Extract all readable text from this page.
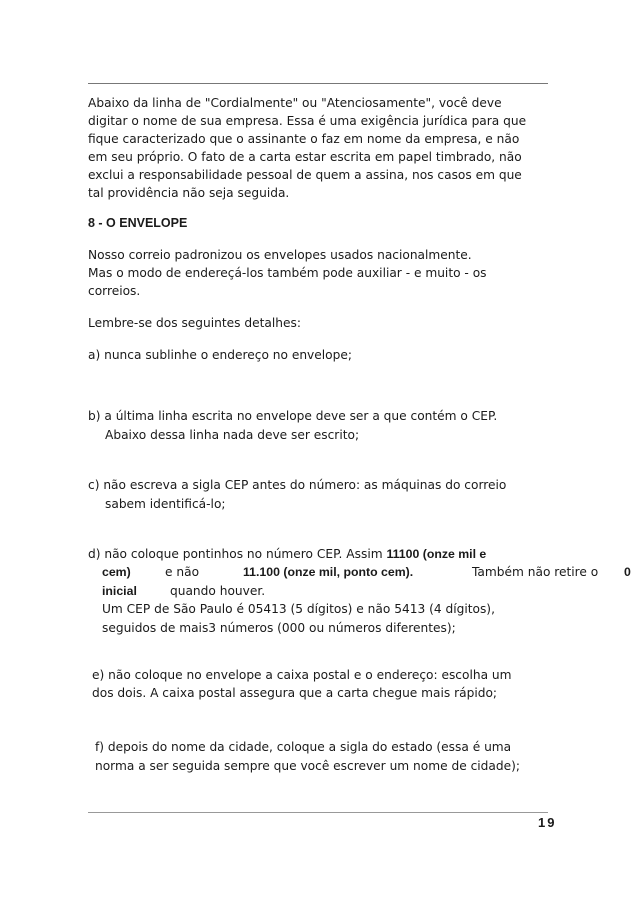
Abaixo da linha de "Cordialmente" ou "Atenciosamente", você deve
digitar o nome de sua empresa. Essa é uma exigência jurídica para que
fique caracterizado que o assinante o faz em nome da empresa, e não
em seu próprio. O fato de a carta estar escrita em papel timbrado, não
exclui a responsabilidade pessoal de quem a assina, nos casos em que
tal providência não seja seguida.
8 - O ENVELOPE
Nosso correio padronizou os envelopes usados nacionalmente.
Mas o modo de endereçá-los também pode auxiliar - e muito - os
correios.
Lembre-se dos seguintes detalhes:
a) nunca sublinhe o endereço no envelope;
b) a última linha escrita no envelope deve ser a que contém o CEP.
Abaixo dessa linha nada deve ser escrito;
c) não escreva a sigla CEP antes do número: as máquinas do correio
sabem identificá-lo;
d) não coloque pontinhos no número CEP. Assim 11100 (onze mil e
cem)	e não	11.100 (onze mil, ponto cem).	Também não retire o 0
inicial	quando houver.
Um CEP de São Paulo é 05413 (5 dígitos) e não 5413 (4 dígitos),
seguidos de mais3 números (000 ou números diferentes);
e) não coloque no envelope a caixa postal e o endereço: escolha um
dos dois. A caixa postal assegura que a carta chegue mais rápido;
f) depois do nome da cidade, coloque a sigla do estado (essa é uma
norma a ser seguida sempre que você escrever um nome de cidade);
19
